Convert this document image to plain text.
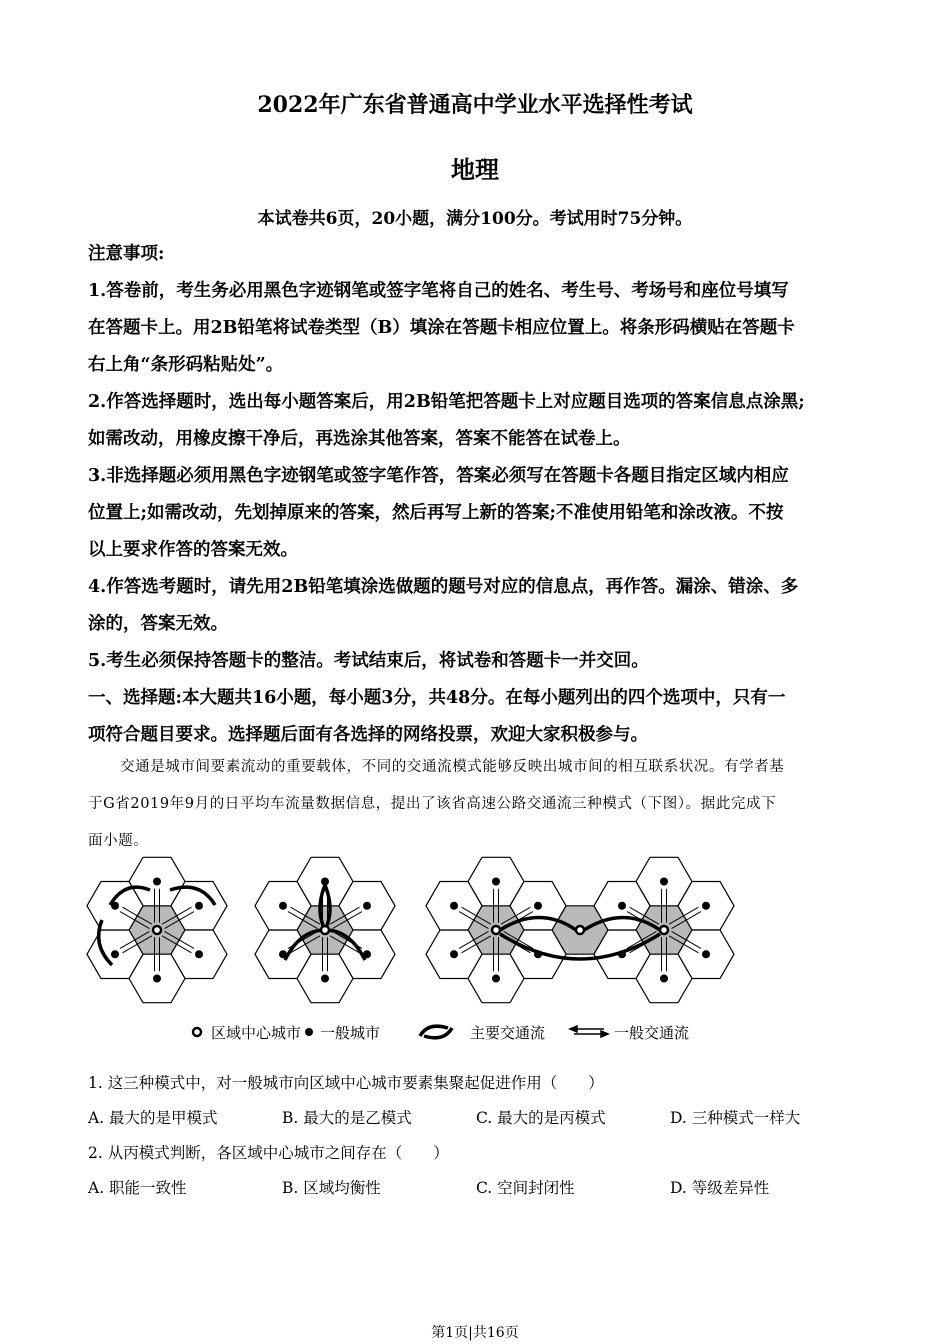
2022年广东省普通高中学业水平选择性考试
地理
本试卷共6页，20小题，满分100分。考试用时75分钟。
注意事项:
1.答卷前，考生务必用黑色字迹钢笔或签字笔将自己的姓名、考生号、考场号和座位号填写
在答题卡上。用2B铅笔将试卷类型（B）填涂在答题卡相应位置上。将条形码横贴在答题卡
右上角“条形码粘贴处”。
2.作答选择题时，选出每小题答案后，用2B铅笔把答题卡上对应题目选项的答案信息点涂黑;
如需改动，用橡皮擦干净后，再选涂其他答案，答案不能答在试卷上。
3.非选择题必须用黑色字迹钢笔或签字笔作答，答案必须写在答题卡各题目指定区域内相应
位置上;如需改动，先划掉原来的答案，然后再写上新的答案;不准使用铅笔和涂改液。不按
以上要求作答的答案无效。
4.作答选考题时，请先用2B铅笔填涂选做题的题号对应的信息点，再作答。漏涂、错涂、多
涂的，答案无效。
5.考生必须保持答题卡的整洁。考试结束后，将试卷和答题卡一并交回。
一、选择题:本大题共16小题，每小题3分，共48分。在每小题列出的四个选项中，只有一
项符合题目要求。选择题后面有各选择的网络投票，欢迎大家积极参与。
交通是城市间要素流动的重要载体，不同的交通流模式能够反映出城市间的相互联系状况。有学者基
于G省2019年9月的日平均车流量数据信息，提出了该省高速公路交通流三种模式（下图）。据此完成下
面小题。
区域中心城市 一般城市	主要交通流	一般交通流
1. 这三种模式中，对一般城市向区域中心城市要素集聚起促进作用（　　）
A. 最大的是甲模式	B. 最大的是乙模式	C. 最大的是丙模式	D. 三种模式一样大
2. 从丙模式判断，各区域中心城市之间存在（　　）
A. 职能一致性	B. 区域均衡性	C. 空间封闭性	D. 等级差异性
第1页|共16页
